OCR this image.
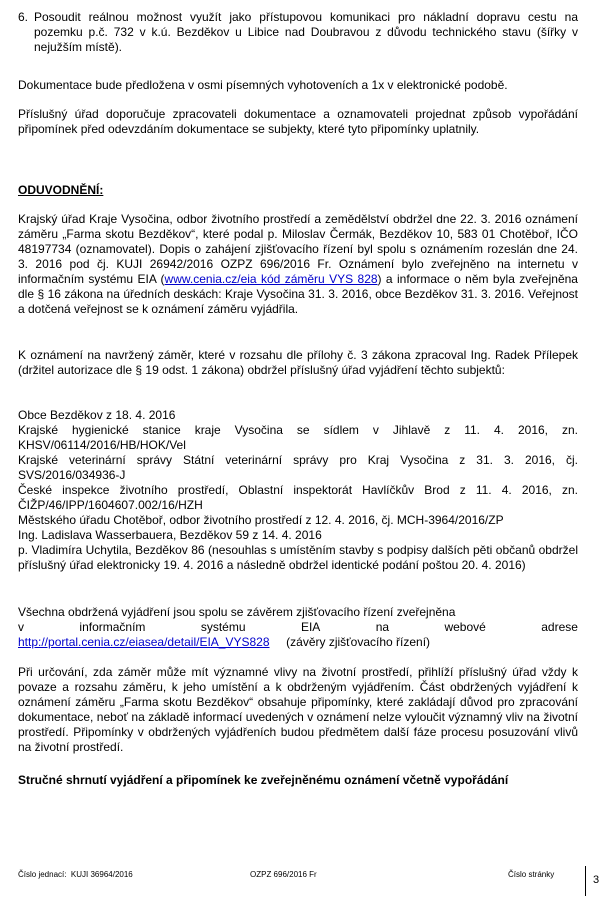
6. Posoudit reálnou možnost využít jako přístupovou komunikaci pro nákladní dopravu cestu na pozemku p.č. 732 v k.ú. Bezděkov u Libice nad Doubravou z důvodu technického stavu (šířky v nejužším místě).

Dokumentace bude předložena v osmi písemných vyhotoveních a 1x v elektronické podobě.

Příslušný úřad doporučuje zpracovateli dokumentace a oznamovateli projednat způsob vypořádání připomínek před odevzdáním dokumentace se subjekty, které tyto připomínky uplatnily.

ODUVODNĚNÍ:

Krajský úřad Kraje Vysočina, odbor životního prostředí a zemědělství obdržel dne 22. 3. 2016 oznámení záměru „Farma skotu Bezděkov“, které podal p. Miloslav Čermák, Bezděkov 10, 583 01 Chotěboř, IČO 48197734 (oznamovatel). Dopis o zahájení zjišťovacího řízení byl spolu s oznámením rozeslán dne 24. 3. 2016 pod čj. KUJI 26942/2016 OZPZ 696/2016 Fr. Oznámení bylo zveřejněno na internetu v informačním systému EIA (www.cenia.cz/eia kód záměru VYS 828) a informace o něm byla zveřejněna dle § 16 zákona na úředních deskách: Kraje Vysočina 31. 3. 2016, obce Bezděkov 31. 3. 2016. Veřejnost a dotčená veřejnost se k oznámení záměru vyjádřila.

K oznámení na navržený záměr, které v rozsahu dle přílohy č. 3 zákona zpracoval Ing. Radek Přílepek (držitel autorizace dle § 19 odst. 1 zákona) obdržel příslušný úřad vyjádření těchto subjektů:

Obce Bezděkov z 18. 4. 2016
Krajské hygienické stanice kraje Vysočina se sídlem v Jihlavě z 11. 4. 2016, zn. KHSV/06114/2016/HB/HOK/Vel
Krajské veterinární správy Státní veterinární správy pro Kraj Vysočina z 31. 3. 2016, čj. SVS/2016/034936-J
České inspekce životního prostředí, Oblastní inspektorát Havlíčkův Brod z 11. 4. 2016, zn. ČIŽP/46/IPP/1604607.002/16/HZH
Městského úřadu Chotěboř, odbor životního prostředí z 12. 4. 2016, čj. MCH-3964/2016/ZP
Ing. Ladislava Wasserbauera, Bezděkov 59 z 14. 4. 2016
p. Vladimíra Uchytila, Bezděkov 86 (nesouhlas s umístěním stavby s podpisy dalších pěti občanů obdržel příslušný úřad elektronicky 19. 4. 2016 a následně obdržel identické podání poštou 20. 4. 2016)
Všechna obdržená vyjádření jsou spolu se závěrem zjišťovacího řízení zveřejněna
v	informačním	systému	EIA	na	webové	adrese
http://portal.cenia.cz/eiasea/detail/EIA_VYS828 (závěry zjišťovacího řízení)

Při určování, zda záměr může mít významné vlivy na životní prostředí, přihlíží příslušný úřad vždy k povaze a rozsahu záměru, k jeho umístění a k obdrženým vyjádřením. Část obdržených vyjádření k oznámení záměru „Farma skotu Bezděkov“ obsahuje připomínky, které zakládají důvod pro zpracování dokumentace, neboť na základě informací uvedených v oznámení nelze vyloučit významný vliv na životní prostředí. Připomínky v obdržených vyjádřeních budou předmětem další fáze procesu posuzování vlivů na životní prostředí.

Stručné shrnutí vyjádření a připomínek ke zveřejněnému oznámení včetně vypořádání

Číslo jednací: KUJI 36964/2016	OZPZ 696/2016 Fr	Číslo stránky	3
